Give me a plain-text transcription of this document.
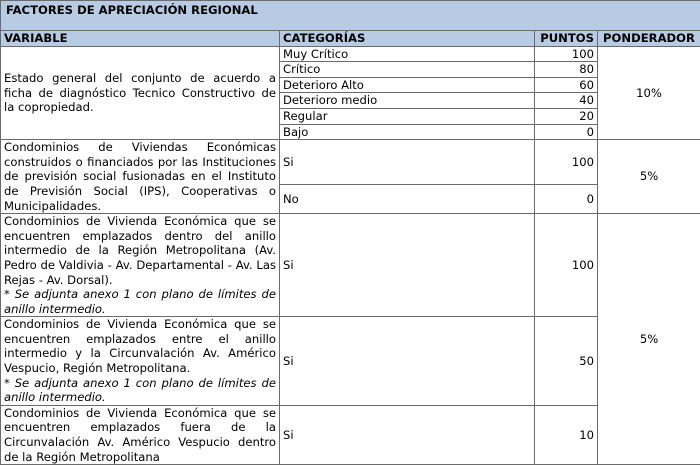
FACTORES DE APRECIACIÓN REGIONAL			
VARIABLE	CATEGORÍAS	PUNTOS	PONDERADOR
Estado general del conjunto de acuerdo a ficha de diagnóstico Tecnico Constructivo de la copropiedad.	Muy Crítico	100	10%
	Crítico	80	
	Deterioro Alto	60	
	Deterioro medio	40	
	Regular	20	
	Bajo	0	
Condominios de Viviendas Económicas construidos o financiados por las Instituciones de previsión social fusionadas en el Instituto de Previsión Social (IPS), Cooperativas o Municipalidades.	Si	100	5%
	No	0	
Condominios de Vivienda Económica que se encuentren emplazados dentro del anillo intermedio de la Región Metropolitana (Av. Pedro de Valdivia - Av. Departamental - Av. Las Rejas - Av. Dorsal).
* Se adjunta anexo 1 con plano de límites de anillo intermedio.	Si	100	5%
Condominios de Vivienda Económica que se encuentren emplazados entre el anillo intermedio y la Circunvalación Av. Américo Vespucio, Región Metropolitana.
* Se adjunta anexo 1 con plano de límites de anillo intermedio.	Si	50	
Condominios de Vivienda Económica que se encuentren emplazados fuera de la Circunvalación Av. Américo Vespucio dentro de la Región Metropolitana	Si	10	
